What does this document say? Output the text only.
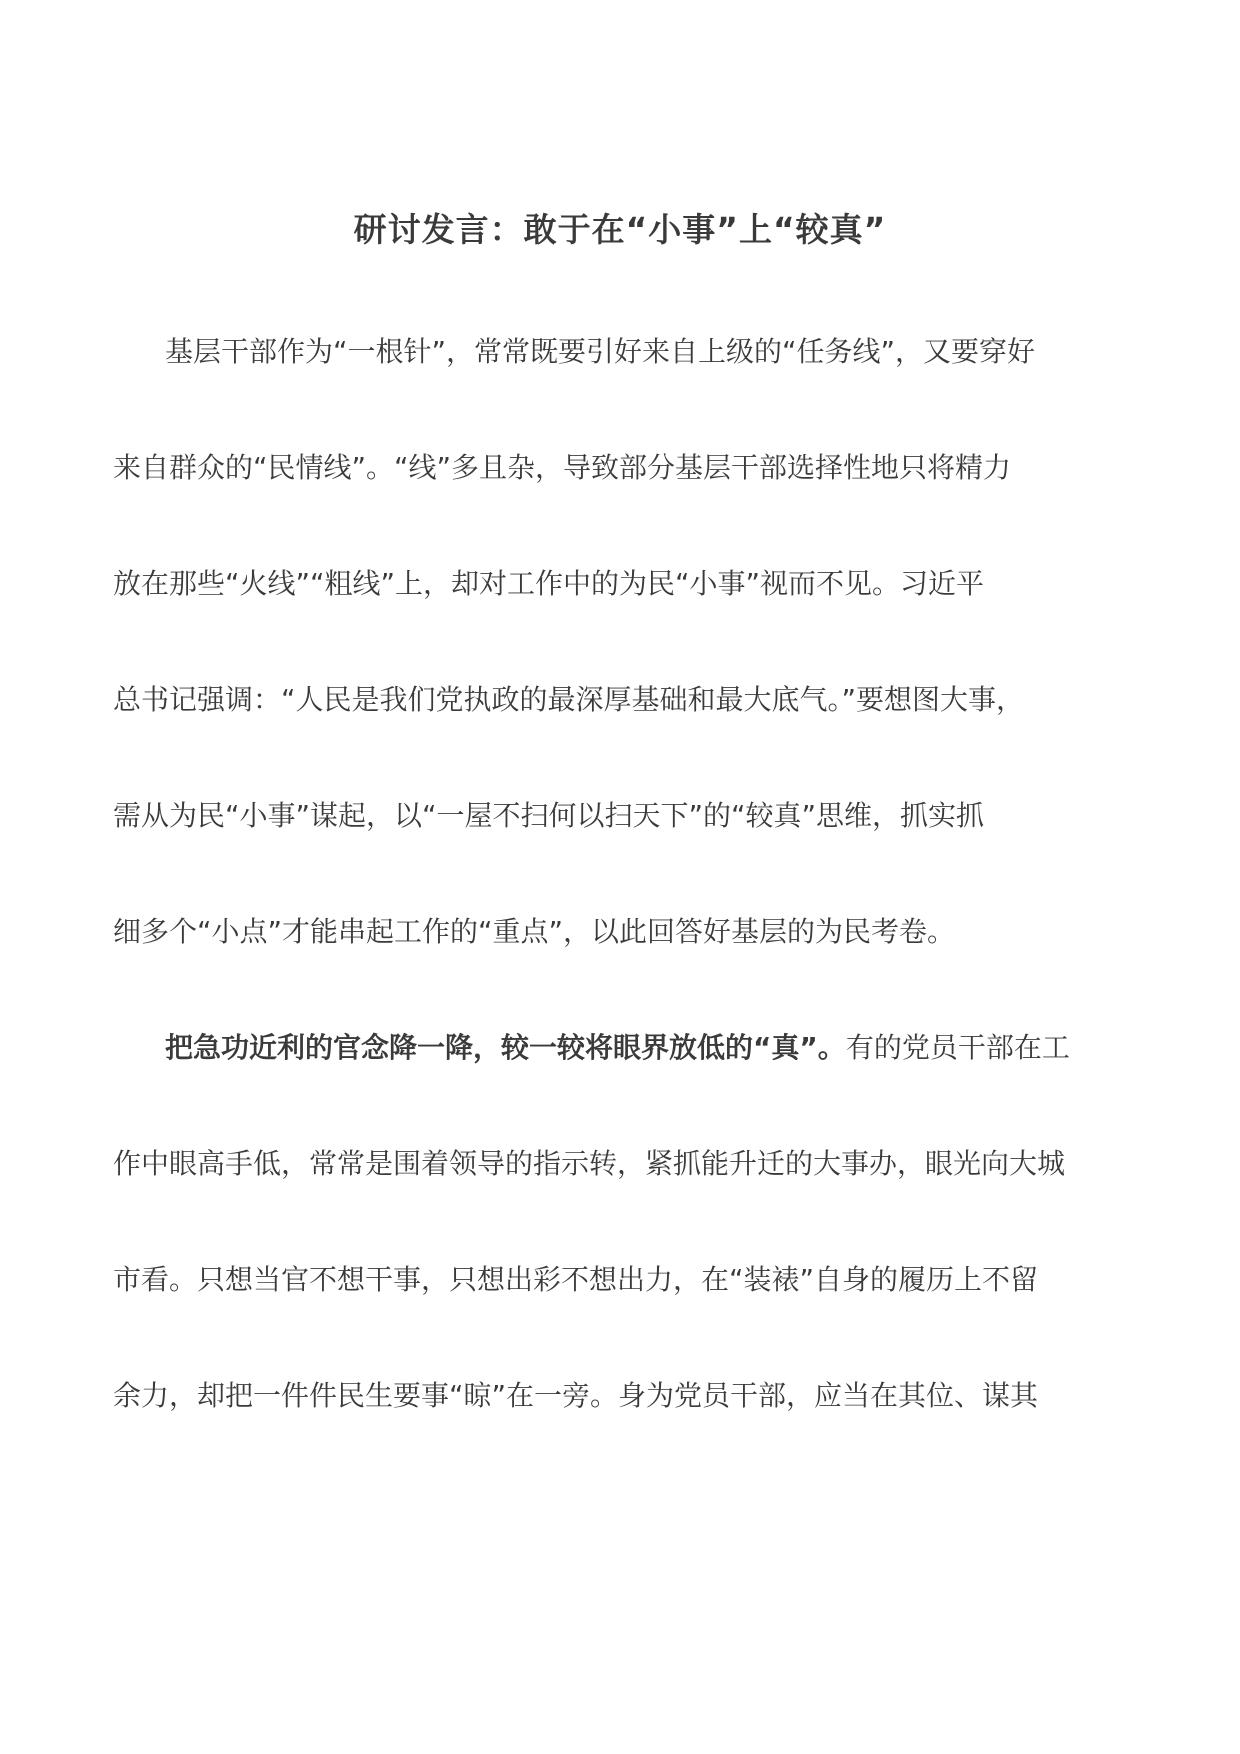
研讨发言：敢于在“小事”上“较真”
基层干部作为“一根针”，常常既要引好来自上级的“任务线”，又要穿好
来自群众的“民情线”。“线”多且杂，导致部分基层干部选择性地只将精力
放在那些“火线”“粗线”上，却对工作中的为民“小事”视而不见。习近平
总书记强调：“人民是我们党执政的最深厚基础和最大底气。”要想图大事，
需从为民“小事”谋起，以“一屋不扫何以扫天下”的“较真”思维，抓实抓
细多个“小点”才能串起工作的“重点”，以此回答好基层的为民考卷。
把急功近利的官念降一降，较一较将眼界放低的“真”。有的党员干部在工
作中眼高手低，常常是围着领导的指示转，紧抓能升迁的大事办，眼光向大城
市看。只想当官不想干事，只想出彩不想出力，在“装裱”自身的履历上不留
余力，却把一件件民生要事“晾”在一旁。身为党员干部，应当在其位、谋其
